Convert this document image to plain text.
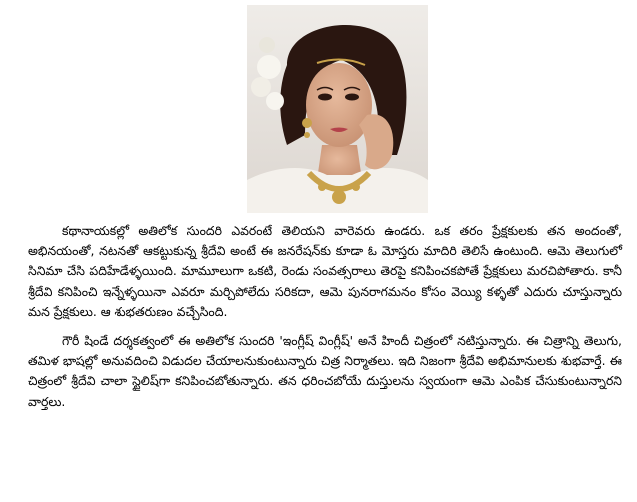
కథానాయకల్లో అతిలోక సుందరి ఎవరంటే తెలియని వారెవరు ఉండరు. ఒక తరం ప్రేక్షకులకు తన అందంతో, అభినయంతో, నటనతో ఆకట్టుకున్న శ్రీదేవి అంటే ఈ జనరేషన్‌కు కూడా ఓ మోస్తరు మాదిరి తెలిసే ఉంటుంది. ఆమె తెలుగులో సినిమా చేసి పదిహేడేళ్ళయింది. మామూలుగా ఒకటి, రెండు సంవత్సరాలు తెరపై కనిపించకపోతే ప్రేక్షకులు మరచిపోతారు. కానీ శ్రీదేవి కనిపించి ఇన్నేళ్ళయినా ఎవరూ మర్చిపోలేదు సరికదా, ఆమె పునరాగమనం కోసం వెయ్యి కళ్ళతో ఎదురు చూస్తున్నారు మన ప్రేక్షకులు. ఆ శుభతరుణం వచ్చేసింది.

గౌరీ షిండే దర్శకత్వంలో ఈ అతిలోక సుందరి 'ఇంగ్లీష్ వింగ్లీష్' అనే హిందీ చిత్రంలో నటిస్తున్నారు. ఈ చిత్రాన్ని తెలుగు, తమిళ భాషల్లో అనువదించి విడుదల చేయాలనుకుంటున్నారు చిత్ర నిర్మాతలు. ఇది నిజంగా శ్రీదేవి అభిమానులకు శుభవార్తే. ఈ చిత్రంలో శ్రీదేవి చాలా స్టైలిష్‌గా కనిపించబోతున్నారు. తన ధరించబోయే దుస్తులను స్వయంగా ఆమె ఎంపిక చేసుకుంటున్నారని వార్తలు.
